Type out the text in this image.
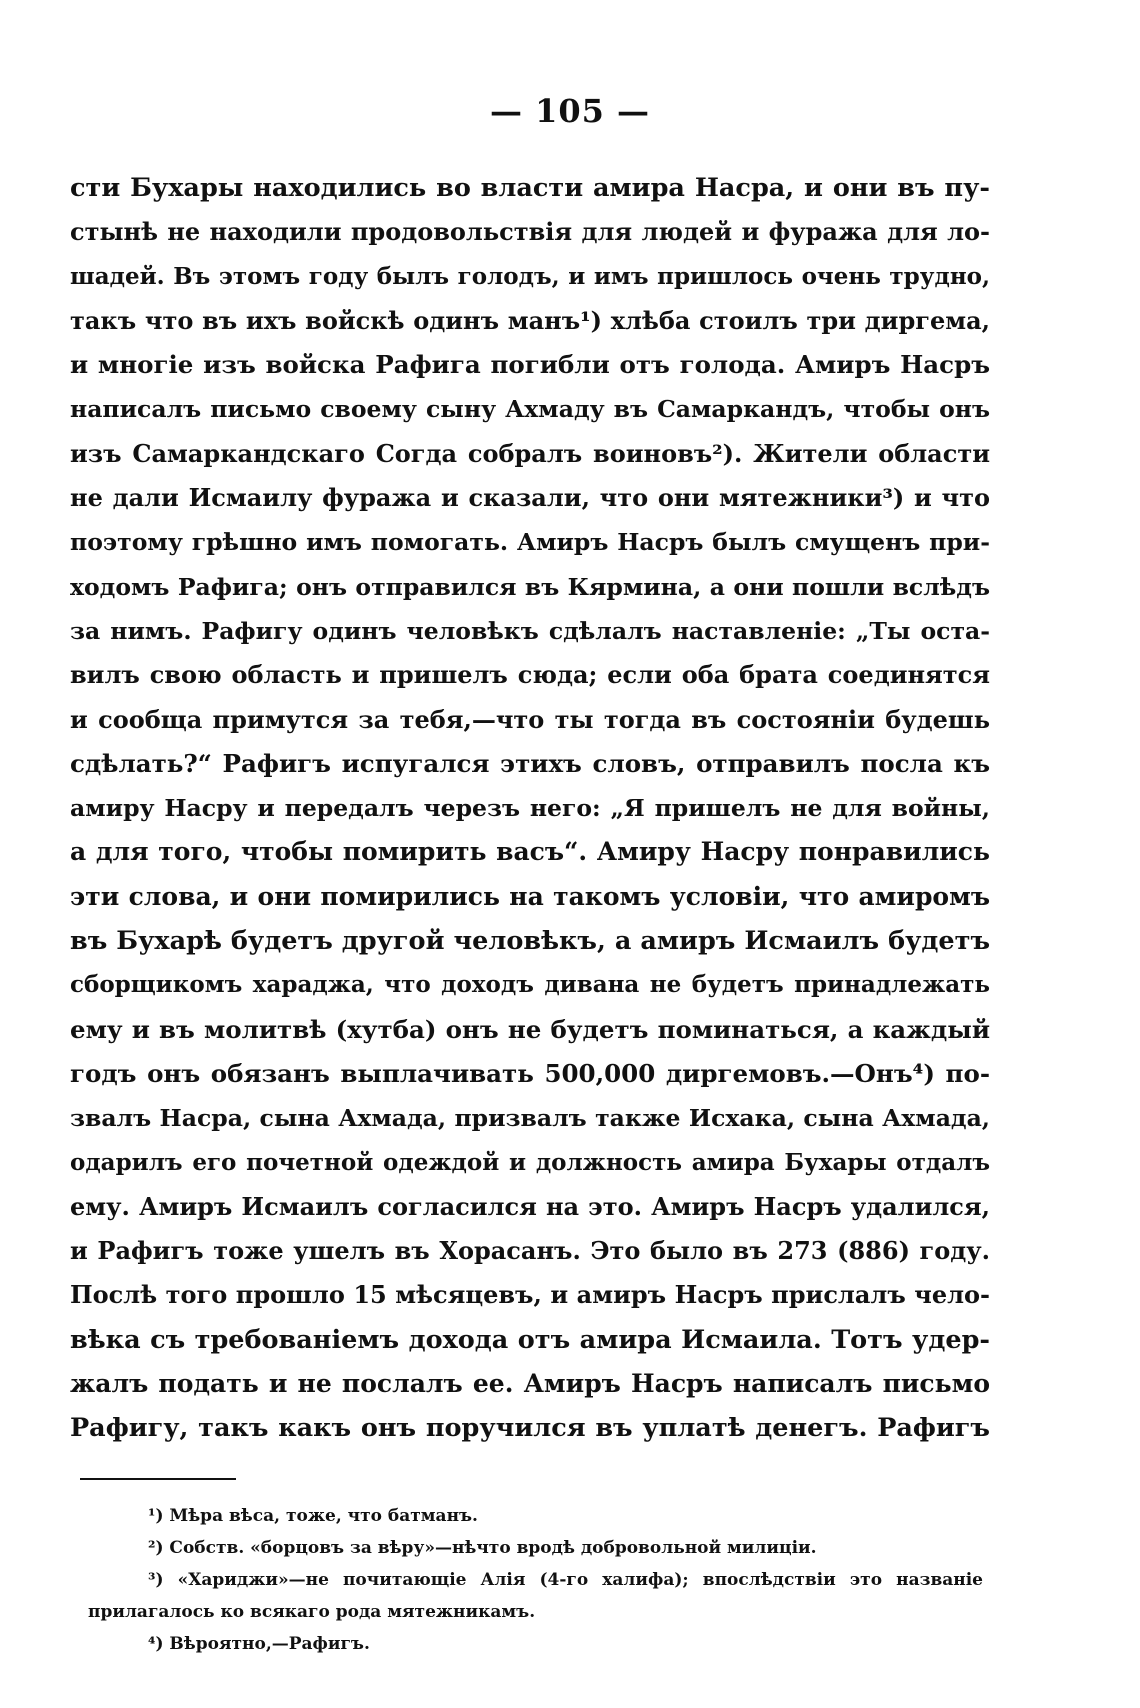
— 105 —
сти Бухары находились во власти амира Насра, и они въ пу-
стынѣ не находили продовольствія для людей и фуража для ло-
шадей. Въ этомъ году былъ голодъ, и имъ пришлось очень трудно,
такъ что въ ихъ войскѣ одинъ манъ¹) хлѣба стоилъ три диргема,
и многіе изъ войска Рафига погибли отъ голода. Амиръ Насръ
написалъ письмо своему сыну Ахмаду въ Самаркандъ, чтобы онъ
изъ Самаркандскаго Согда собралъ воиновъ²). Жители области
не дали Исмаилу фуража и сказали, что они мятежники³) и что
поэтому грѣшно имъ помогать. Амиръ Насръ былъ смущенъ при-
ходомъ Рафига; онъ отправился въ Кярмина, а они пошли вслѣдъ
за нимъ. Рафигу одинъ человѣкъ сдѣлалъ наставленіе: „Ты оста-
вилъ свою область и пришелъ сюда; если оба брата соединятся
и сообща примутся за тебя,—что ты тогда въ состояніи будешь
сдѣлать?“ Рафигъ испугался этихъ словъ, отправилъ посла къ
амиру Насру и передалъ черезъ него: „Я пришелъ не для войны,
а для того, чтобы помирить васъ“. Амиру Насру понравились
эти слова, и они помирились на такомъ условіи, что амиромъ
въ Бухарѣ будетъ другой человѣкъ, а амиръ Исмаилъ будетъ
сборщикомъ хараджа, что доходъ дивана не будетъ принадлежать
ему и въ молитвѣ (хутба) онъ не будетъ поминаться, а каждый
годъ онъ обязанъ выплачивать 500,000 диргемовъ.—Онъ⁴) по-
звалъ Насра, сына Ахмада, призвалъ также Исхака, сына Ахмада,
одарилъ его почетной одеждой и должность амира Бухары отдалъ
ему. Амиръ Исмаилъ согласился на это. Амиръ Насръ удалился,
и Рафигъ тоже ушелъ въ Хорасанъ. Это было въ 273 (886) году.
Послѣ того прошло 15 мѣсяцевъ, и амиръ Насръ прислалъ чело-
вѣка съ требованіемъ дохода отъ амира Исмаила. Тотъ удер-
жалъ подать и не послалъ ее. Амиръ Насръ написалъ письмо
Рафигу, такъ какъ онъ поручился въ уплатѣ денегъ. Рафигъ
¹) Мѣра вѣса, тоже, что батманъ.
²) Собств. «борцовъ за вѣру»—нѣчто вродѣ добровольной милиціи.
³) «Хариджи»—не почитающіе Алія (4-го халифа); впослѣдствіи это названіе
прилагалось ко всякаго рода мятежникамъ.
⁴) Вѣроятно,—Рафигъ.
